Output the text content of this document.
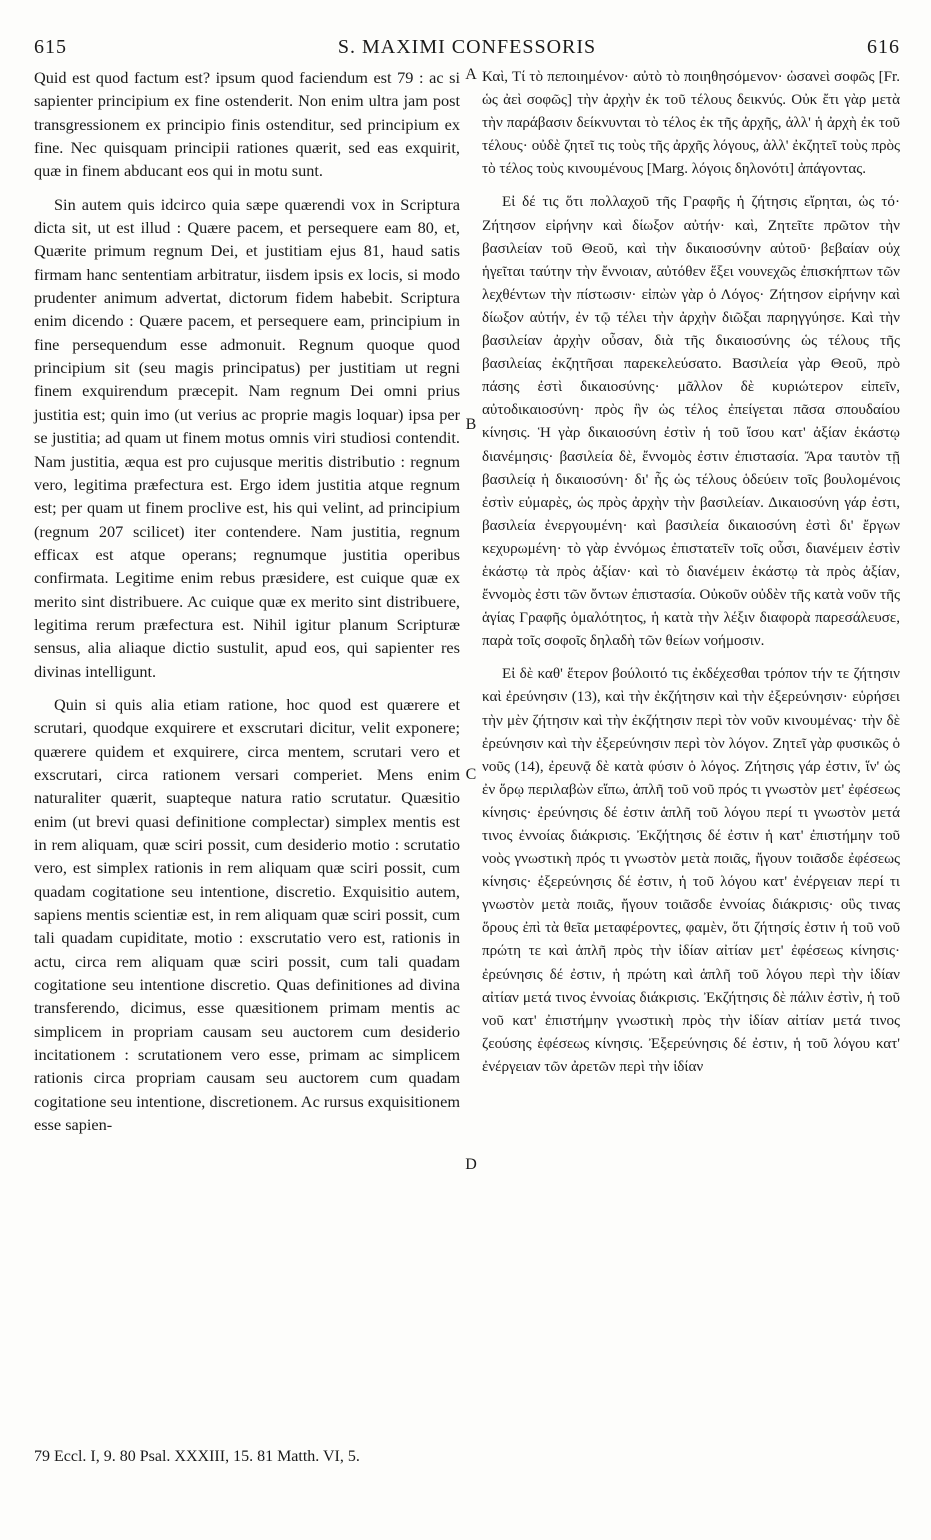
615	S. MAXIMI CONFESSORIS	616

Quid est quod factum est? ipsum quod faciendum est 79 : ac si sapienter principium ex fine ostenderit. Non enim ultra jam post transgressionem ex principio finis ostenditur, sed principium ex fine. Nec quisquam principii rationes quærit, sed eas exquirit, quæ in finem abducant eos qui in motu sunt.

Sin autem quis idcirco quia sæpe quærendi vox in Scriptura dicta sit, ut est illud : Quære pacem, et persequere eam 80, et, Quærite primum regnum Dei, et justitiam ejus 81, haud satis firmam hanc sententiam arbitratur, iisdem ipsis ex locis, si modo prudenter animum advertat, dictorum fidem habebit. Scriptura enim dicendo : Quære pacem, et persequere eam, principium in fine persequendum esse admonuit. Regnum quoque quod principium sit (seu magis principatus) per justitiam ut regni finem exquirendum præcepit. Nam regnum Dei omni prius justitia est; quin imo (ut verius ac proprie magis loquar) ipsa per se justitia; ad quam ut finem motus omnis viri studiosi contendit. Nam justitia, æqua est pro cujusque meritis distributio : regnum vero, legitima præfectura est. Ergo idem justitia atque regnum est; per quam ut finem proclive est, his qui velint, ad principium (regnum 207 scilicet) iter contendere. Nam justitia, regnum efficax est atque operans; regnumque justitia operibus confirmata. Legitime enim rebus præsidere, est cuique quæ ex merito sint distribuere. Ac cuique quæ ex merito sint distribuere, legitima rerum præfectura est. Nihil igitur planum Scripturæ sensus, alia aliaque dictio sustulit, apud eos, qui sapienter res divinas intelligunt.

Quin si quis alia etiam ratione, hoc quod est quærere et scrutari, quodque exquirere et exscrutari dicitur, velit exponere; quærere quidem et exquirere, circa mentem, scrutari vero et exscrutari, circa rationem versari comperiet. Mens enim naturaliter quærit, suapteque natura ratio scrutatur. Quæsitio enim (ut brevi quasi definitione complectar) simplex mentis est in rem aliquam, quæ sciri possit, cum desiderio motio : scrutatio vero, est simplex rationis in rem aliquam quæ sciri possit, cum quadam cogitatione seu intentione, discretio. Exquisitio autem, sapiens mentis scientiæ est, in rem aliquam quæ sciri possit, cum tali quadam cupiditate, motio : exscrutatio vero est, rationis in actu, circa rem aliquam quæ sciri possit, cum tali quadam cogitatione seu intentione discretio. Quas definitiones ad divina transferendo, dicimus, esse quæsitionem primam mentis ac simplicem in propriam causam seu auctorem cum desiderio incitationem : scrutationem vero esse, primam ac simplicem rationis circa propriam causam seu auctorem cum quadam cogitatione seu intentione, discretionem. Ac rursus exquisitionem esse sapien-

A
B
C
D

Καὶ, Τί τὸ πεποιημένον· αὐτὸ τὸ ποιηθησόμενον· ὡσανεὶ σοφῶς [Fr. ὡς ἀεὶ σοφῶς] τὴν ἀρχὴν ἐκ τοῦ τέλους δεικνύς. Οὐκ ἔτι γὰρ μετὰ τὴν παράβασιν δείκνυνται τὸ τέλος ἐκ τῆς ἀρχῆς, ἀλλ' ἡ ἀρχὴ ἐκ τοῦ τέλους· οὐδὲ ζητεῖ τις τοὺς τῆς ἀρχῆς λόγους, ἀλλ' ἐκζητεῖ τοὺς πρὸς τὸ τέλος τοὺς κινουμένους [Marg. λόγοις δηλονότι] ἀπάγοντας.

Εἰ δέ τις ὅτι πολλαχοῦ τῆς Γραφῆς ἡ ζήτησις εἴρηται, ὡς τό· Ζήτησον εἰρήνην καὶ δίωξον αὐτήν· καὶ, Ζητεῖτε πρῶτον τὴν βασιλείαν τοῦ Θεοῦ, καὶ τὴν δικαιοσύνην αὐτοῦ· βεβαίαν οὐχ ἡγεῖται ταύτην τὴν ἔννοιαν, αὐτόθεν ἕξει νουνεχῶς ἐπισκήπτων τῶν λεχθέντων τὴν πίστωσιν· εἰπὼν γὰρ ὁ Λόγος· Ζήτησον εἰρήνην καὶ δίωξον αὐτήν, ἐν τῷ τέλει τὴν ἀρχὴν διῶξαι παρηγγύησε. Καὶ τὴν βασιλείαν ἀρχὴν οὖσαν, διὰ τῆς δικαιοσύνης ὡς τέλους τῆς βασιλείας ἐκζητῆσαι παρεκελεύσατο. Βασιλεία γὰρ Θεοῦ, πρὸ πάσης ἐστὶ δικαιοσύνης· μᾶλλον δὲ κυριώτερον εἰπεῖν, αὐτοδικαιοσύνη· πρὸς ἣν ὡς τέλος ἐπείγεται πᾶσα σπουδαίου κίνησις. Ἡ γὰρ δικαιοσύνη ἐστὶν ἡ τοῦ ἴσου κατ' ἀξίαν ἑκάστῳ διανέμησις· βασιλεία δὲ, ἔννομὸς ἐστιν ἐπιστασία. Ἄρα ταυτὸν τῇ βασιλείᾳ ἡ δικαιοσύνη· δι' ἧς ὡς τέλους ὁδεύειν τοῖς βουλομένοις ἐστὶν εὐμαρὲς, ὡς πρὸς ἀρχὴν τὴν βασιλείαν. Δικαιοσύνη γάρ ἐστι, βασιλεία ἐνεργουμένη· καὶ βασιλεία δικαιοσύνη ἐστὶ δι' ἔργων κεχυρωμένη· τὸ γὰρ ἐννόμως ἐπιστατεῖν τοῖς οὖσι, διανέμειν ἐστὶν ἑκάστῳ τὰ πρὸς ἀξίαν· καὶ τὸ διανέμειν ἑκάστῳ τὰ πρὸς ἀξίαν, ἔννομὸς ἐστι τῶν ὄντων ἐπιστασία. Οὐκοῦν οὐδὲν τῆς κατὰ νοῦν τῆς ἁγίας Γραφῆς ὁμαλότητος, ἡ κατὰ τὴν λέξιν διαφορὰ παρεσάλευσε, παρὰ τοῖς σοφοῖς δηλαδὴ τῶν θείων νοήμοσιν.

Εἰ δὲ καθ' ἕτερον βούλοιτό τις ἐκδέχεσθαι τρόπον τήν τε ζήτησιν καὶ ἐρεύνησιν (13), καὶ τὴν ἐκζήτησιν καὶ τὴν ἐξερεύνησιν· εὑρήσει τὴν μὲν ζήτησιν καὶ τὴν ἐκζήτησιν περὶ τὸν νοῦν κινουμένας· τὴν δὲ ἐρεύνησιν καὶ τὴν ἐξερεύνησιν περὶ τὸν λόγον. Ζητεῖ γὰρ φυσικῶς ὁ νοῦς (14), ἐρευνᾷ δὲ κατὰ φύσιν ὁ λόγος. Ζήτησις γάρ ἐστιν, ἵν' ὡς ἐν ὅρῳ περιλαβὼν εἴπω, ἁπλῆ τοῦ νοῦ πρός τι γνωστὸν μετ' ἐφέσεως κίνησις· ἐρεύνησις δέ ἐστιν ἁπλῆ τοῦ λόγου περί τι γνωστὸν μετά τινος ἐννοίας διάκρισις. Ἐκζήτησις δέ ἐστιν ἡ κατ' ἐπιστήμην τοῦ νοὸς γνωστικὴ πρός τι γνωστὸν μετὰ ποιᾶς, ἤγουν τοιᾶσδε ἐφέσεως κίνησις· ἐξερεύνησις δέ ἐστιν, ἡ τοῦ λόγου κατ' ἐνέργειαν περί τι γνωστὸν μετὰ ποιᾶς, ἤγουν τοιᾶσδε ἐννοίας διάκρισις· οὓς τινας ὅρους ἐπὶ τὰ θεῖα μεταφέροντες, φαμὲν, ὅτι ζήτησίς ἐστιν ἡ τοῦ νοῦ πρώτη τε καὶ ἁπλῆ πρὸς τὴν ἰδίαν αἰτίαν μετ' ἐφέσεως κίνησις· ἐρεύνησις δέ ἐστιν, ἡ πρώτη καὶ ἁπλῆ τοῦ λόγου περὶ τὴν ἰδίαν αἰτίαν μετά τινος ἐννοίας διάκρισις. Ἐκζήτησις δὲ πάλιν ἐστὶν, ἡ τοῦ νοῦ κατ' ἐπιστήμην γνωστικὴ πρὸς τὴν ἰδίαν αἰτίαν μετά τινος ζεούσης ἐφέσεως κίνησις. Ἐξερεύνησις δέ ἐστιν, ἡ τοῦ λόγου κατ' ἐνέργειαν τῶν ἀρετῶν περὶ τὴν ἰδίαν

79 Eccl. I, 9. 80 Psal. XXXIII, 15. 81 Matth. VI, 5.
